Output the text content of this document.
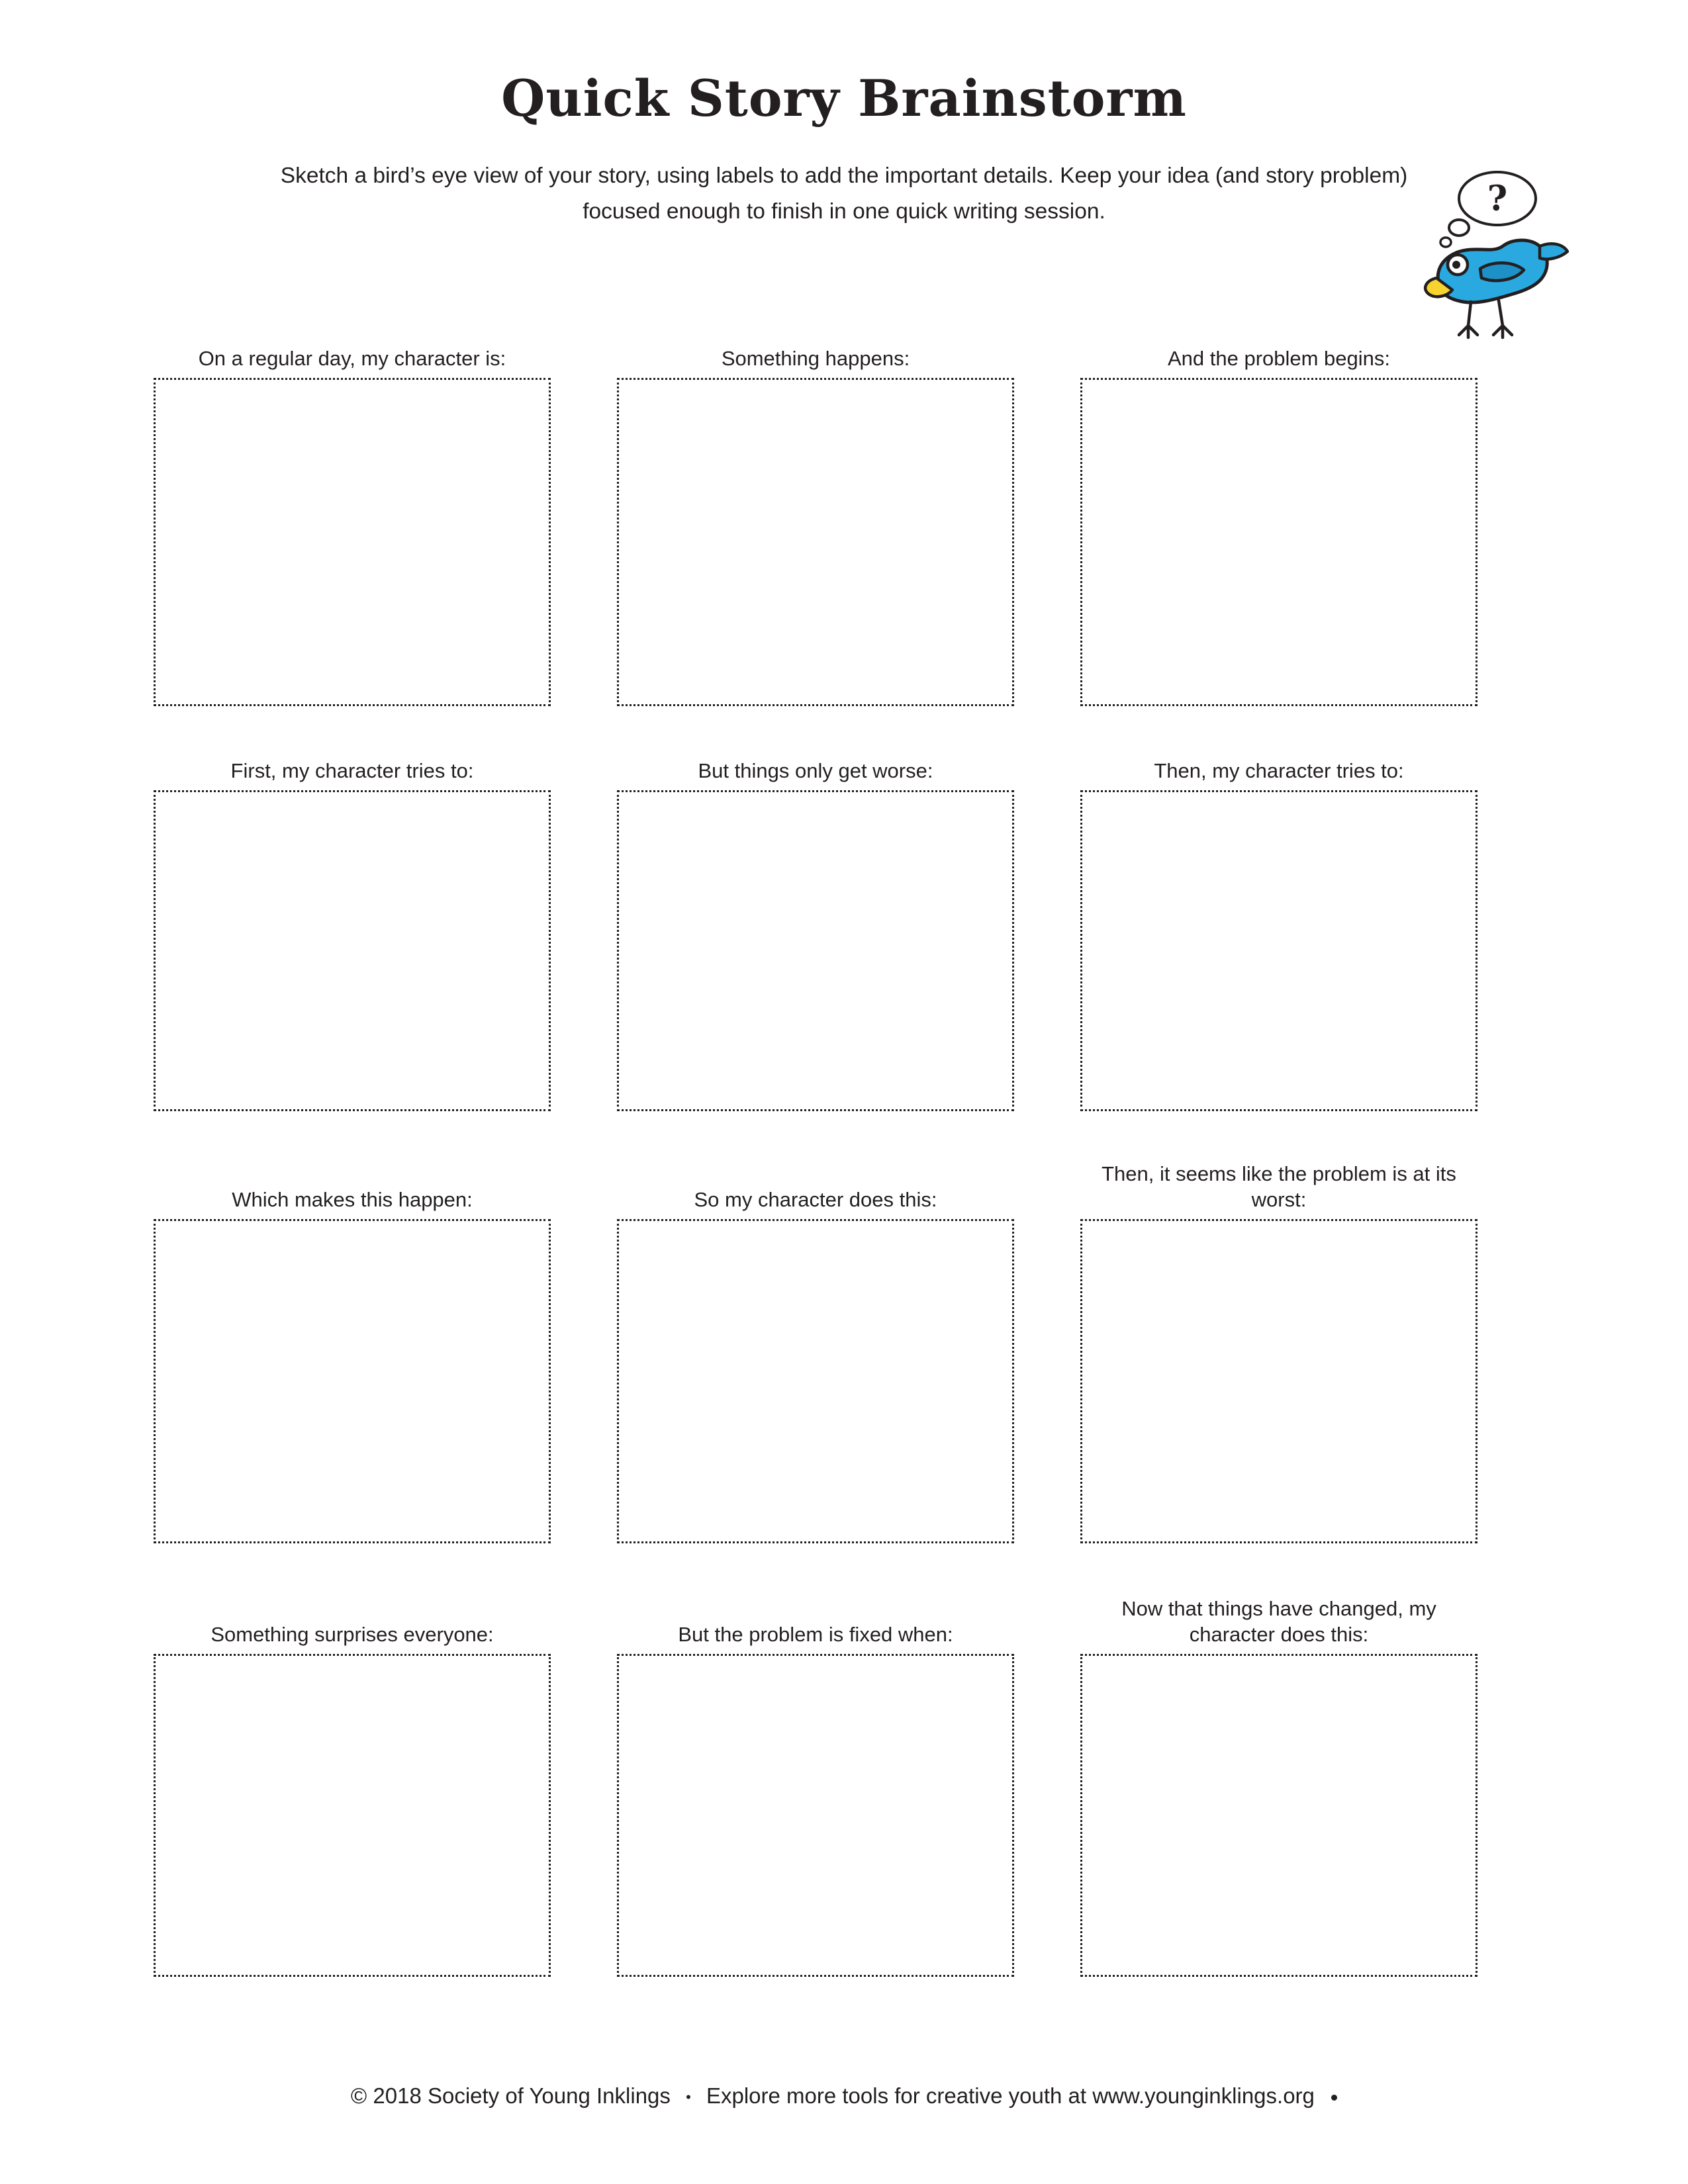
Quick Story Brainstorm

Sketch a bird’s eye view of your story, using labels to add the important details. Keep your idea (and story problem) focused enough to finish in one quick writing session.	?
On a regular day, my character is:	Something happens:	And the problem begins:
First, my character tries to:	But things only get worse:	Then, my character tries to:
Which makes this happen:	So my character does this:
Then, it seems like the problem is at its worst:
Something surprises everyone:	But the problem is fixed when:
Now that things have changed, my character does this:
© 2018 Society of Young Inklings • Explore more tools for creative youth at www.younginklings.org
